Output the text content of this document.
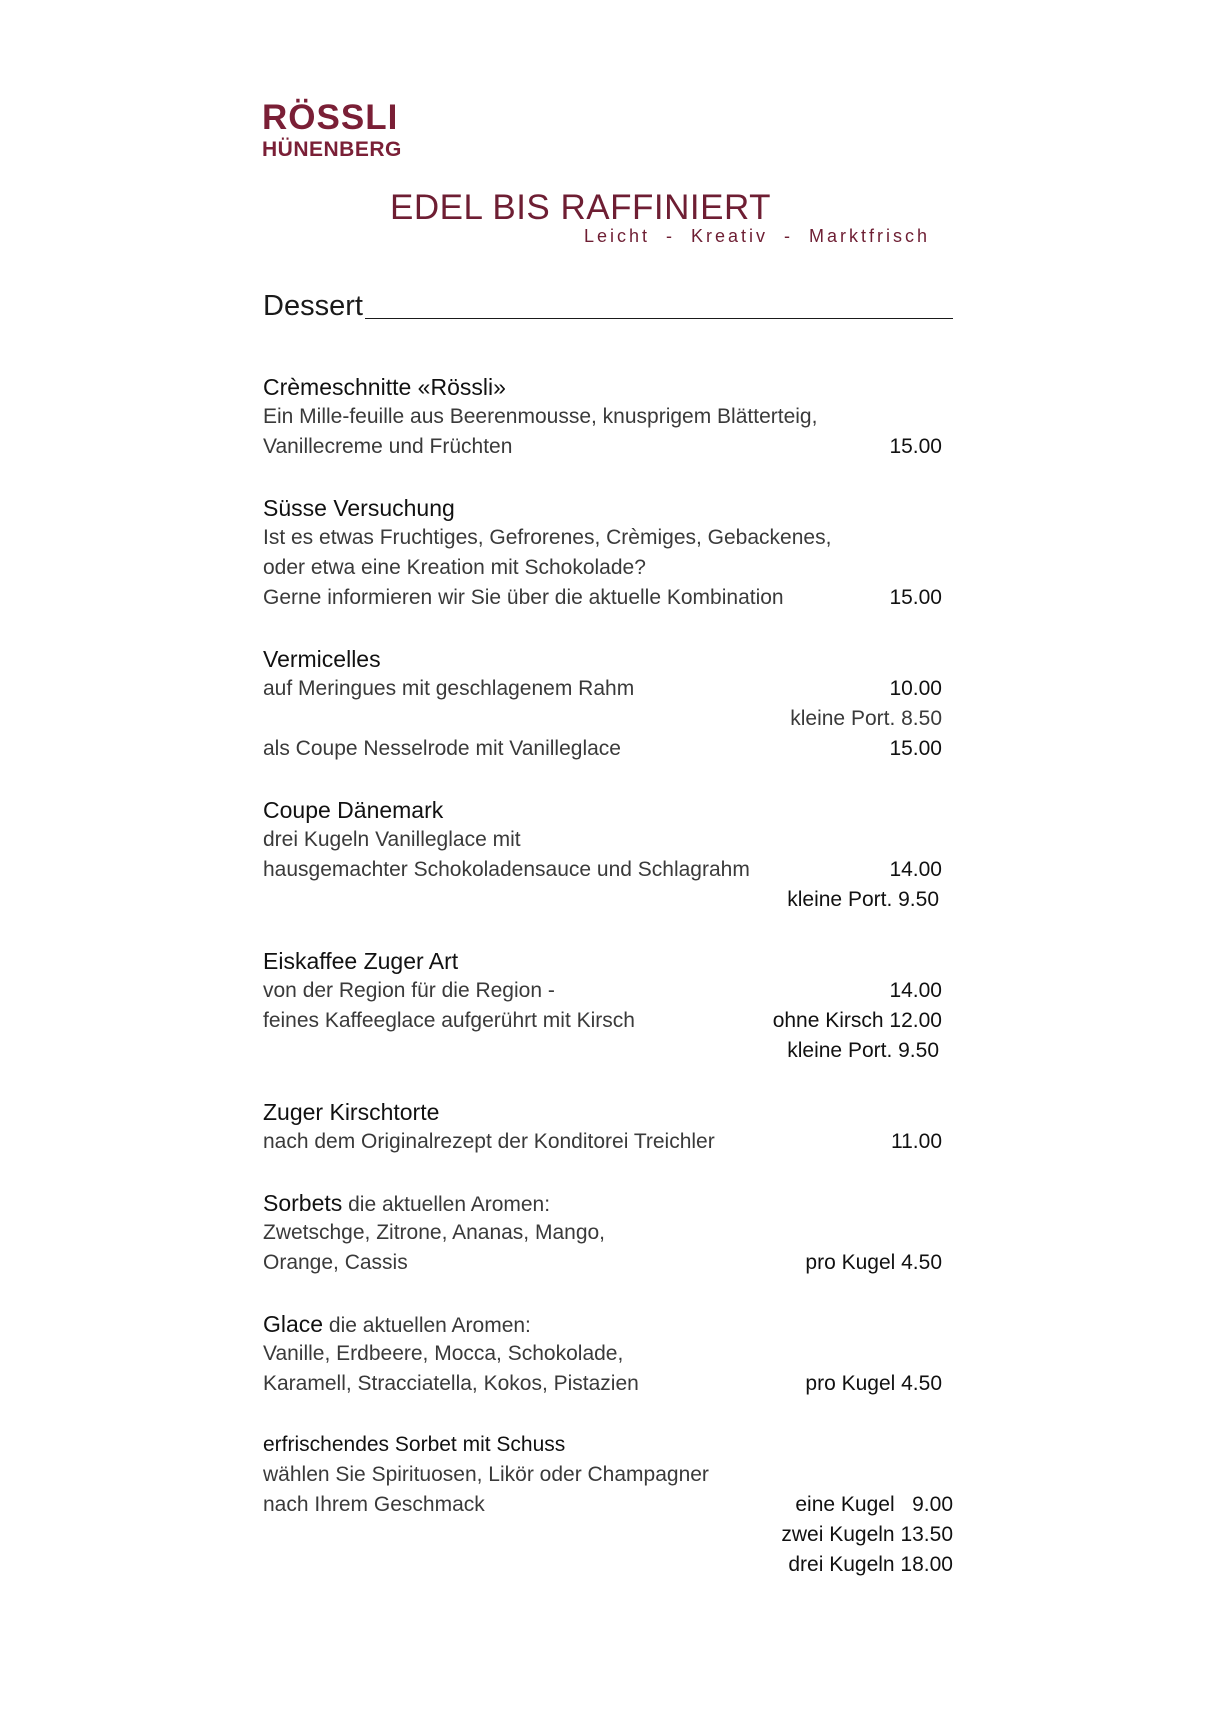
RÖSSLI
HÜNENBERG
EDEL BIS RAFFINIERT
Leicht  -  Kreativ  -  Marktfrisch
Dessert
Crèmeschnitte «Rössli»
Ein Mille-feuille aus Beerenmousse, knusprigem Blätterteig,
Vanillecreme und Früchten	15.00
Süsse Versuchung
Ist es etwas Fruchtiges, Gefrorenes, Crèmiges, Gebackenes,
oder etwa eine Kreation mit Schokolade?
Gerne informieren wir Sie über die aktuelle Kombination	15.00
Vermicelles
auf Meringues mit geschlagenem Rahm	10.00
kleine Port. 8.50
als Coupe Nesselrode mit Vanilleglace	15.00
Coupe Dänemark
drei Kugeln Vanilleglace mit
hausgemachter Schokoladensauce und Schlagrahm	14.00
kleine Port. 9.50
Eiskaffee Zuger Art
von der Region für die Region -	14.00
feines Kaffeeglace aufgerührt mit Kirsch	ohne Kirsch 12.00
kleine Port. 9.50
Zuger Kirschtorte
nach dem Originalrezept der Konditorei Treichler	11.00
Sorbets die aktuellen Aromen:
Zwetschge, Zitrone, Ananas, Mango,
Orange, Cassis	pro Kugel 4.50
Glace die aktuellen Aromen:
Vanille, Erdbeere, Mocca, Schokolade,
Karamell, Stracciatella, Kokos, Pistazien	pro Kugel 4.50
erfrischendes Sorbet mit Schuss
wählen Sie Spirituosen, Likör oder Champagner
nach Ihrem Geschmack	eine Kugel   9.00
zwei Kugeln 13.50
drei Kugeln 18.00
